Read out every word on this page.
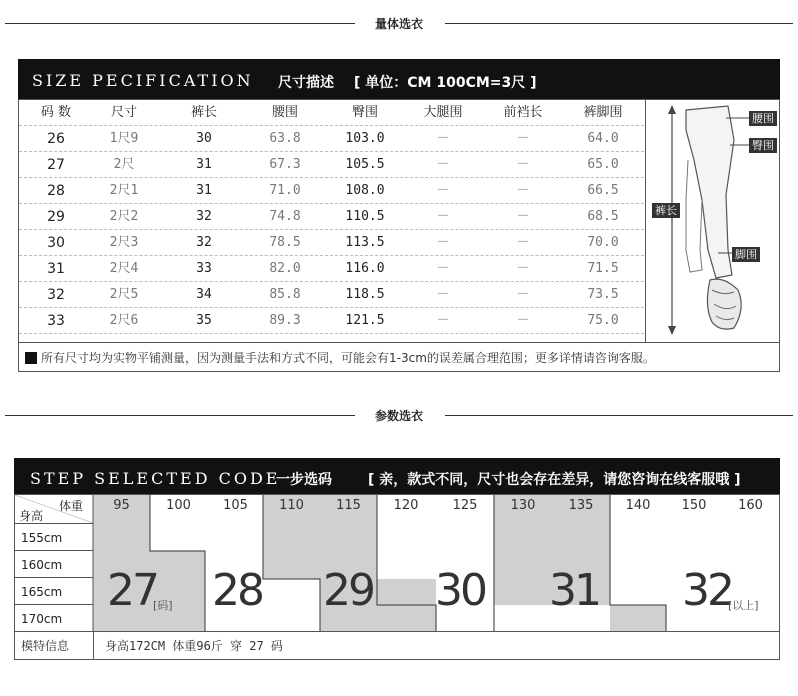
量体选衣
SIZE PECIFICATION 尺寸描述 [ 单位：CM 100CM=3尺 ]
码 数	尺寸	裤长	腰围	臀围	大腿围	前裆长	裤脚围
26	1尺9	30	63.8	103.0	－	－	64.0
27	2尺	31	67.3	105.5	－	－	65.0
28	2尺1	31	71.0	108.0	－	－	66.5
29	2尺2	32	74.8	110.5	－	－	68.5
30	2尺3	32	78.5	113.5	－	－	70.0
31	2尺4	33	82.0	116.0	－	－	71.5
32	2尺5	34	85.8	118.5	－	－	73.5
33	2尺6	35	89.3	121.5	－	－	75.0
腰围
臀围
裤长
脚围
所有尺寸均为实物平铺测量，因为测量手法和方式不同，可能会有1-3cm的误差属合理范围；更多详情请咨询客服。
参数选衣
STEP SELECTED CODE
一步选码	[ 亲，款式不同，尺寸也会存在差异，请您咨询在线客服哦 ]
95	100	105	110	115	120	125	130	135	140	150	160
体重
身高
155cm
160cm
165cm
170cm
27
[码] 28 29 30 31 32
[以上]
模特信息	身高172CM 体重96斤 穿 27 码
